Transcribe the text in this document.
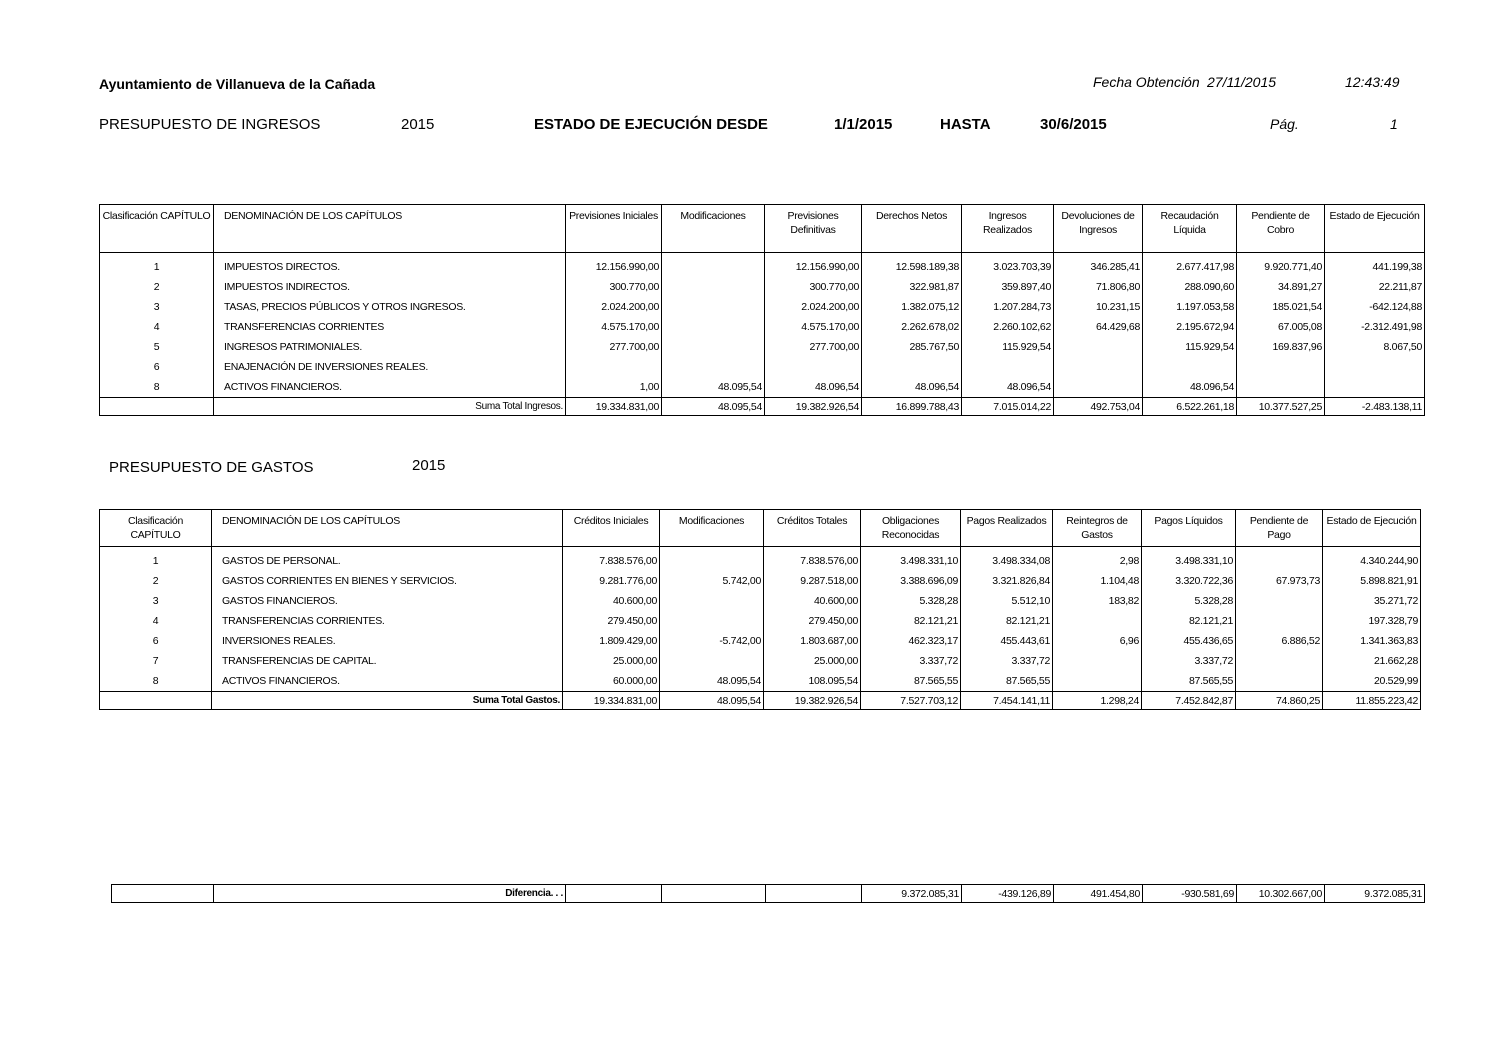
Ayuntamiento de Villanueva de la Cañada	Fecha Obtención 27/11/2015	12:43:49
PRESUPUESTO DE INGRESOS	2015	ESTADO DE EJECUCIÓN DESDE	1/1/2015	HASTA	30/6/2015	Pág.	1
Clasificación CAPÍTULO	DENOMINACIÓN DE LOS CAPÍTULOS	Previsiones Iniciales	Modificaciones	Previsiones Definitivas	Derechos Netos	Ingresos Realizados	Devoluciones de Ingresos	Recaudación Líquida	Pendiente de Cobro	Estado de Ejecución
1	IMPUESTOS DIRECTOS.	12.156.990,00		12.156.990,00	12.598.189,38	3.023.703,39	346.285,41	2.677.417,98	9.920.771,40	441.199,38
2	IMPUESTOS INDIRECTOS.	300.770,00		300.770,00	322.981,87	359.897,40	71.806,80	288.090,60	34.891,27	22.211,87
3	TASAS, PRECIOS PÚBLICOS Y OTROS INGRESOS.	2.024.200,00		2.024.200,00	1.382.075,12	1.207.284,73	10.231,15	1.197.053,58	185.021,54	-642.124,88
4	TRANSFERENCIAS CORRIENTES	4.575.170,00		4.575.170,00	2.262.678,02	2.260.102,62	64.429,68	2.195.672,94	67.005,08	-2.312.491,98
5	INGRESOS PATRIMONIALES.	277.700,00		277.700,00	285.767,50	115.929,54		115.929,54	169.837,96	8.067,50
6	ENAJENACIÓN DE INVERSIONES REALES.									
8	ACTIVOS FINANCIEROS.	1,00	48.095,54	48.096,54	48.096,54	48.096,54		48.096,54		
	Suma Total Ingresos.	19.334.831,00	48.095,54	19.382.926,54	16.899.788,43	7.015.014,22	492.753,04	6.522.261,18	10.377.527,25	-2.483.138,11
PRESUPUESTO DE GASTOS	2015
Clasificación CAPÍTULO	DENOMINACIÓN DE LOS CAPÍTULOS	Créditos Iniciales	Modificaciones	Créditos Totales	Obligaciones Reconocidas	Pagos Realizados	Reintegros de Gastos	Pagos Líquidos	Pendiente de Pago	Estado de Ejecución
1	GASTOS DE PERSONAL.	7.838.576,00		7.838.576,00	3.498.331,10	3.498.334,08	2,98	3.498.331,10		4.340.244,90
2	GASTOS CORRIENTES EN BIENES Y SERVICIOS.	9.281.776,00	5.742,00	9.287.518,00	3.388.696,09	3.321.826,84	1.104,48	3.320.722,36	67.973,73	5.898.821,91
3	GASTOS FINANCIEROS.	40.600,00		40.600,00	5.328,28	5.512,10	183,82	5.328,28		35.271,72
4	TRANSFERENCIAS CORRIENTES.	279.450,00		279.450,00	82.121,21	82.121,21		82.121,21		197.328,79
6	INVERSIONES REALES.	1.809.429,00	-5.742,00	1.803.687,00	462.323,17	455.443,61	6,96	455.436,65	6.886,52	1.341.363,83
7	TRANSFERENCIAS DE CAPITAL.	25.000,00		25.000,00	3.337,72	3.337,72		3.337,72		21.662,28
8	ACTIVOS FINANCIEROS.	60.000,00	48.095,54	108.095,54	87.565,55	87.565,55		87.565,55		20.529,99
	Suma Total Gastos.	19.334.831,00	48.095,54	19.382.926,54	7.527.703,12	7.454.141,11	1.298,24	7.452.842,87	74.860,25	11.855.223,42
	Diferencia. . .				9.372.085,31	-439.126,89	491.454,80	-930.581,69	10.302.667,00	9.372.085,31
